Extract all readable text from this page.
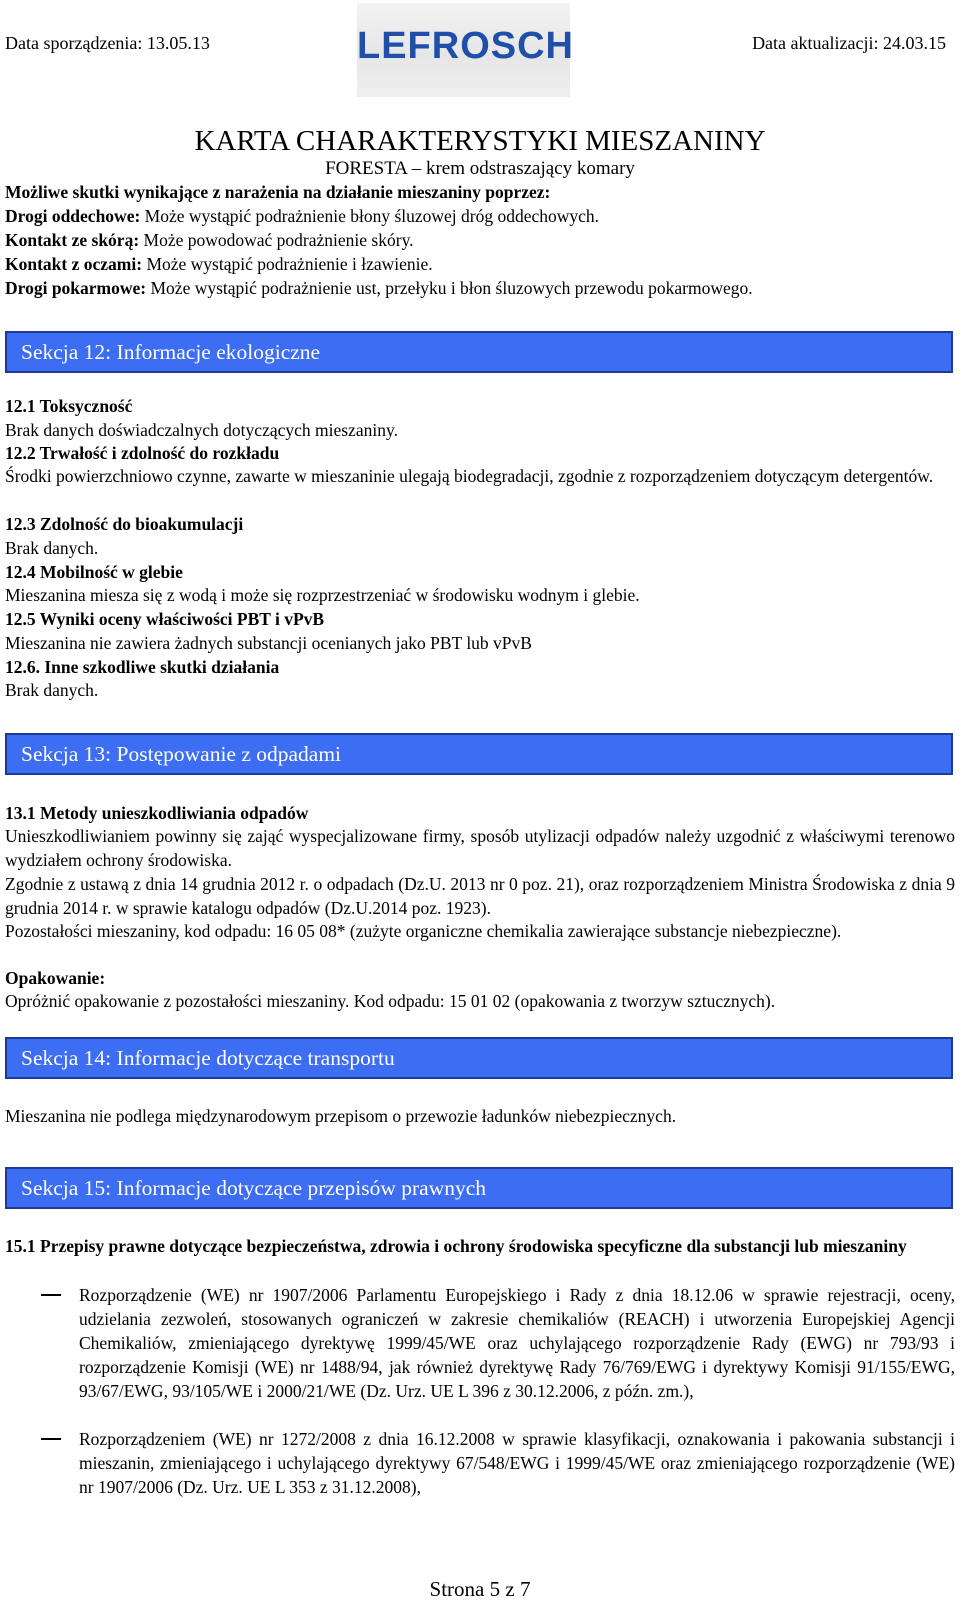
Data sporządzenia: 13.05.13	LEFROSCH	Data aktualizacji: 24.03.15
KARTA CHARAKTERYSTYKI MIESZANINY
FORESTA – krem odstraszający komary
Możliwe skutki wynikające z narażenia na działanie mieszaniny poprzez:
Drogi oddechowe: Może wystąpić podrażnienie błony śluzowej dróg oddechowych.
Kontakt ze skórą: Może powodować podrażnienie skóry.
Kontakt z oczami: Może wystąpić podrażnienie i łzawienie.
Drogi pokarmowe: Może wystąpić podrażnienie ust, przełyku i błon śluzowych przewodu pokarmowego.
Sekcja 12: Informacje ekologiczne
12.1 Toksyczność
Brak danych doświadczalnych dotyczących mieszaniny.
12.2 Trwałość i zdolność do rozkładu
Środki powierzchniowo czynne, zawarte w mieszaninie ulegają biodegradacji, zgodnie z rozporządzeniem dotyczącym detergentów.
12.3 Zdolność do bioakumulacji
Brak danych.
12.4 Mobilność w glebie
Mieszanina miesza się z wodą i może się rozprzestrzeniać w środowisku wodnym i glebie.
12.5 Wyniki oceny właściwości PBT i vPvB
Mieszanina nie zawiera żadnych substancji ocenianych jako PBT lub vPvB
12.6. Inne szkodliwe skutki działania
Brak danych.
Sekcja 13: Postępowanie z odpadami
13.1 Metody unieszkodliwiania odpadów
Unieszkodliwianiem powinny się zająć wyspecjalizowane firmy, sposób utylizacji odpadów należy uzgodnić z właściwymi terenowo wydziałem ochrony środowiska.
Zgodnie z ustawą z dnia 14 grudnia 2012 r. o odpadach (Dz.U. 2013 nr 0 poz. 21), oraz rozporządzeniem Ministra Środowiska z dnia 9 grudnia 2014 r. w sprawie katalogu odpadów (Dz.U.2014 poz. 1923).
Pozostałości mieszaniny, kod odpadu: 16 05 08* (zużyte organiczne chemikalia zawierające substancje niebezpieczne).
Opakowanie:
Opróżnić opakowanie z pozostałości mieszaniny. Kod odpadu: 15 01 02 (opakowania z tworzyw sztucznych).
Sekcja 14: Informacje dotyczące transportu
Mieszanina nie podlega międzynarodowym przepisom o przewozie ładunków niebezpiecznych.
Sekcja 15: Informacje dotyczące przepisów prawnych
15.1 Przepisy prawne dotyczące bezpieczeństwa, zdrowia i ochrony środowiska specyficzne dla substancji lub mieszaniny
Rozporządzenie (WE) nr 1907/2006 Parlamentu Europejskiego i Rady z dnia 18.12.06 w sprawie rejestracji, oceny, udzielania zezwoleń, stosowanych ograniczeń w zakresie chemikaliów (REACH) i utworzenia Europejskiej Agencji Chemikaliów, zmieniającego dyrektywę 1999/45/WE oraz uchylającego rozporządzenie Rady (EWG) nr 793/93 i rozporządzenie Komisji (WE) nr 1488/94, jak również dyrektywę Rady 76/769/EWG i dyrektywy Komisji 91/155/EWG, 93/67/EWG, 93/105/WE i 2000/21/WE (Dz. Urz. UE L 396 z 30.12.2006, z późn. zm.),
Rozporządzeniem (WE) nr 1272/2008 z dnia 16.12.2008 w sprawie klasyfikacji, oznakowania i pakowania substancji i mieszanin, zmieniającego i uchylającego dyrektywy 67/548/EWG i 1999/45/WE oraz zmieniającego rozporządzenie (WE) nr 1907/2006 (Dz. Urz. UE L 353 z 31.12.2008),
Strona 5 z 7
